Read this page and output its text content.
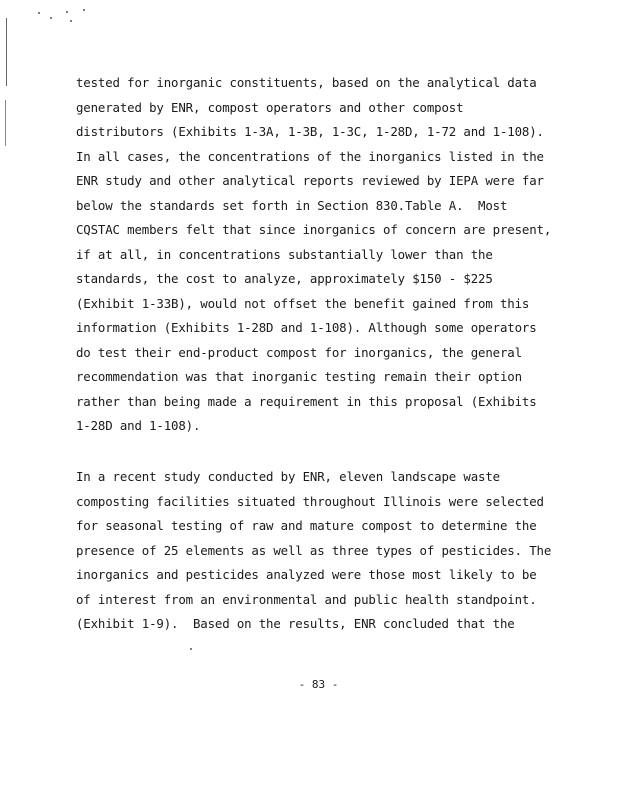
tested for inorganic constituents, based on the analytical data
generated by ENR, compost operators and other compost
distributors (Exhibits 1-3A, 1-3B, 1-3C, 1-28D, 1-72 and 1-108).
In all cases, the concentrations of the inorganics listed in the
ENR study and other analytical reports reviewed by IEPA were far
below the standards set forth in Section 830.Table A.  Most
CQSTAC members felt that since inorganics of concern are present,
if at all, in concentrations substantially lower than the
standards, the cost to analyze, approximately $150 - $225
(Exhibit 1-33B), would not offset the benefit gained from this
information (Exhibits 1-28D and 1-108). Although some operators
do test their end-product compost for inorganics, the general
recommendation was that inorganic testing remain their option
rather than being made a requirement in this proposal (Exhibits
1-28D and 1-108).
In a recent study conducted by ENR, eleven landscape waste
composting facilities situated throughout Illinois were selected
for seasonal testing of raw and mature compost to determine the
presence of 25 elements as well as three types of pesticides. The
inorganics and pesticides analyzed were those most likely to be
of interest from an environmental and public health standpoint.
(Exhibit 1-9).  Based on the results, ENR concluded that the
- 83 -
